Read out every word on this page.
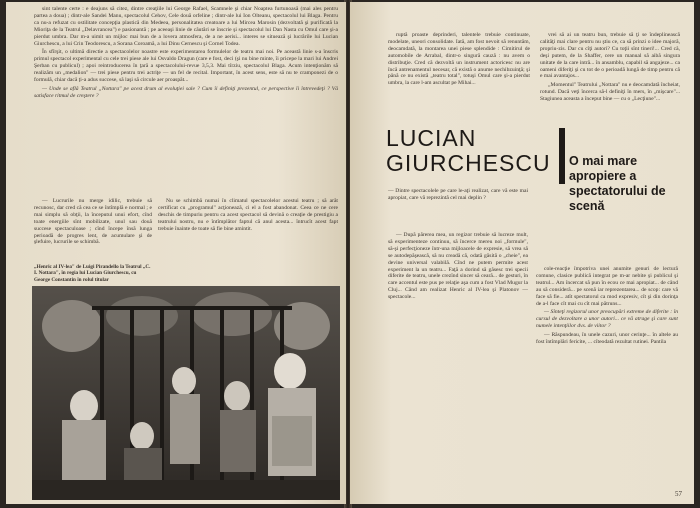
sint talente certe : e deajuns să citez, dintre creaţiile lui George Rafael, Scamnele şi chiar Noaptea furtunoasă (mai ales pentru partea a doua) ; dintr-ale Sandei Manu, spectacolul Cehov, Cele două orfeline ; dintr-ale lui Ion Olteanu, spectacolul lui Blaga. Pentru ca nu-a refuzat cu ostilitate concepţia plastică din Medeea, personalitatea creatoare a lui Mircea Marosin (dezvoltată şi purificată la Mioriţa de la Teatrul „Delavrancea") e pasionantă ; pe aceeaşi linie de căutări se înscrie şi spectacolul lui Dan Nasta cu Omul care şi-a pierdut umbra. Dar m-a uimit un mijloc mai bun de a lovera atmosfera, de a ne aerisi... interes se situează şi lucrările lui Lucian Giurchescu, a lui Crin Teodorescu, a Sorana Coroamă, a lui Dinu Cernescu şi Cornel Todea.

În sfîrşit, o ultimă directie a spectacolelor noastre este experimentarea formulelor de teatru mai noi. Pe această linie s-a înscris primul spectacol experimental cu cele trei piese ale lui Osvaldo Dragun (care e fost, deci (şi nu bine minte, îi pricepe la mari lui Andrei Şerban cu publicul) ; apoi reintroducerea în ţară a spectacolului-revue 3,5,3. Mai tîrziu, spectacolul Blaga. Acum intenţionăm să realizăm un „medalion" — trei piese pentru trei actriţe — un fel de recital. Important, în acest sens, este să nu te cramponezi de o formulă, chiar dacă ţi-a adus succese, să laşi să circule aer proaspăt...

— Unde se află Teatrul „Nottara" pe acest drum al evoluţiei sale ? Cum îi definiţi prezentul, ce perspective îi întrevedeţi ? Vă satisface ritmul de creştere ?

— Lucrurile nu merge idilic, trebuie să recunosc, dar cred că cea ce se întîmplă e normal ; e mai simplu să obţii, la începutul unui efort, cînd toate energiile sînt mobilizate, unul sau două succese spectaculoase ; cînd începe însă lunga perioadă de progres lent, de acumulare şi de şlefuire, lucrurile se schimbă.

„Henric al IV-lea" de Luigi Pirandello la Teatrul „C. I. Nottara", în regia lui Lucian Giurchescu, cu George Constantin în rolul titular

Nu se schimbă numai în climatul spectacolelor acestui teatru ; să arăt certificat cu „programul" acţionează, ci el a fost abandonat. Ceea ce ne cere deschis de timpuriu pentru ca acest spectacol să devină o creaţie de prestigiu a teatrului nostru, nu e întîmplător faptul că anul acesta... întrucît acest fapt trebuie înainte de toate să fie bine amintit.

ruptă proaste deprinderi, talentele trebuie continuate, modelate, uneori consolidate. Iată, am fost nevoit să renuntăm, deocamdată, la montarea unei piese splendide : Cimitirul de automobile de Arrabal, dintr-o singură cauză : nu avem o distribuţie. Cred că dezvoltă un instrument actoricesc nu are încă antrenamentul necesar, că există o anume nechibzuinţă; şi până ce nu există „teatru total", totuşi Omul care şi-a pierdut umbra, la care l-am ascultat pe Mihai...

vrei să ai un teatru bun, trebuie să ţi se îndeplinească calităţi mai clare pentru nu ştiu ce, ca să prinzi o idee majoră, propriu-zis. Dar cu cîţi autori? Cu toţii sînt tineri!... Cred că, deşi putem, de la Shaffer, cere un manual să aibă singura unitate de la care intră... în ansamblu, capabil să angajeze... ca oameni diferiţi şi cu tot de o perioadă lungă de timp pentru că e mai avantajos...

„Momentul" Teatrului „Nottara" nu e deocamdată încheiat, rotund. Dacă veţi încerca să-l definiţi în mers, în „mişcare"... Stagiunea aceasta a început bine — cu o „Lecţiune"...

LUCIAN GIURCHESCU	O mai mare apropiere a spectatorului de scenă
— Dintre spectacolele pe care le-aţi realizat, care vă este mai apropiat, care vă reprezintă cel mai deplin ?

— După părerea mea, un regizor trebuie să lucreze mult, să experimenteze continuu, să încerce mereu noi „formule", să-şi perfecţioneze într-una mijloacele de expresie, să vrea să se autodepăşească, să nu creadă că, odată găsită o „cheie", ea devine universal valabilă. Cînd ne putem permite acest experiment la un teatru... Faţă a dorind să găsesc trei specii diferite de teatru, unele crezînd sincer să ceară... de gesturi, în care accentul este pus pe relaţie aşa cum a fost Vlad Mugur la Cluj... Când am realizat Henric al IV-lea şi Platonov — spectacole...

cole-reacţie împotriva unei anumite genuri de lectură comune, clasice publică integrat pe m-ar nebite şi publicul şi teatrul... Am încercat să pun în ecou ce mai apropiat... de când au să consideră... pe scenă iar reprezentarea... de scop: care vă face să fie... atît spectatorul ca mod expresiv, cît şi din dorinţa de a-l face cît mai cu cît mai pătruns...

— Sînteţi regizorul unor preocupări extreme de diferite : în cursul de dezvoltare a unor autori... ce vă atrage şi care sunt numele intenţiilor dvs. de viitor ?

— Răspundeau, în unele cazuri, unor cerinţe... în altele au fost întîmplări fericite, ... cîteodată rezultat rutinei. Pantila

57
